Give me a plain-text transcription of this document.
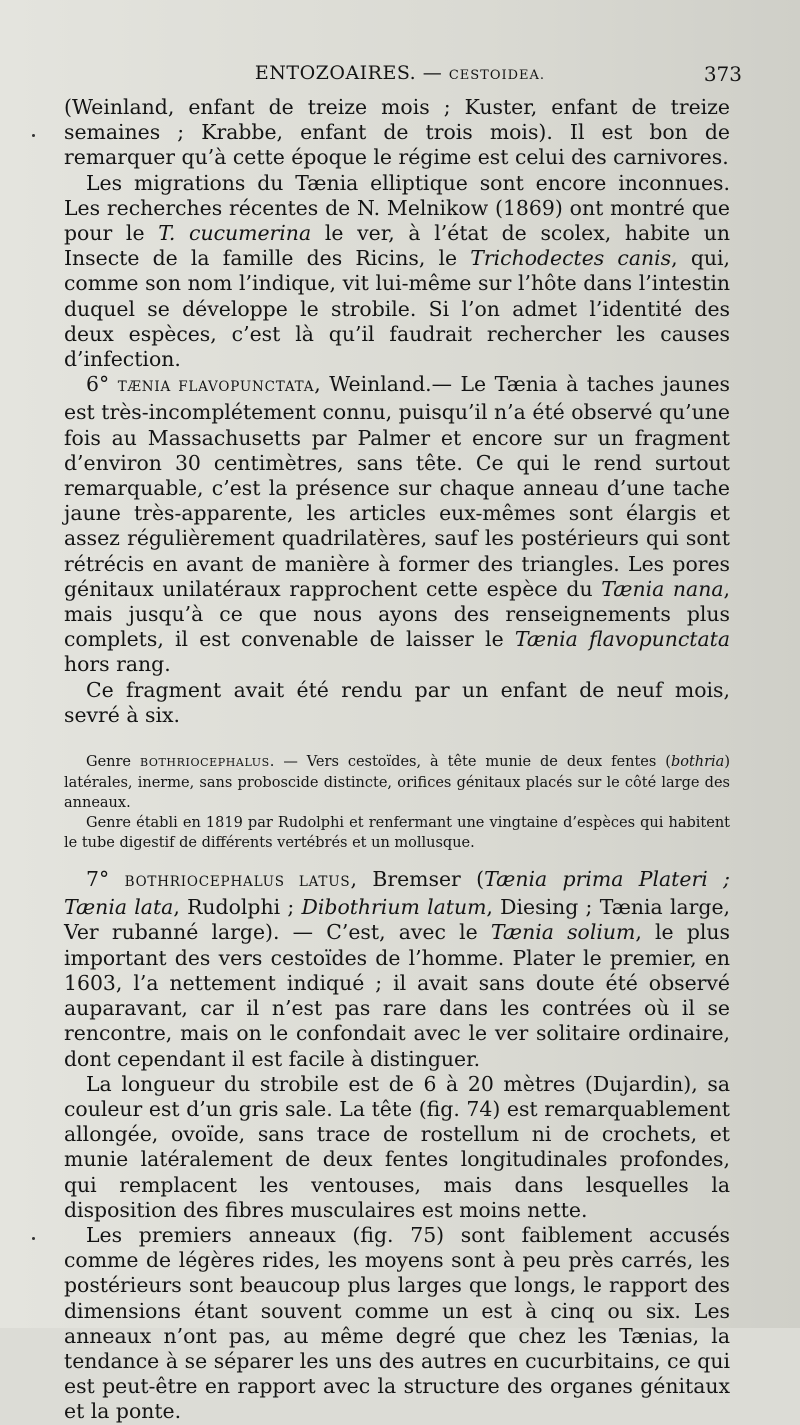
ENTOZOAIRES. — CESTOIDEA.	373

(Weinland, enfant de treize mois ; Kuster, enfant de treize semaines ; Krabbe, enfant de trois mois). Il est bon de remarquer qu’à cette époque le régime est celui des carnivores.

Les migrations du Tænia elliptique sont encore inconnues. Les recherches récentes de N. Melnikow (1869) ont montré que pour le T. cucumerina le ver, à l’état de scolex, habite un Insecte de la famille des Ricins, le Trichodectes canis, qui, comme son nom l’indique, vit lui-même sur l’hôte dans l’intestin duquel se développe le strobile. Si l’on admet l’identité des deux espèces, c’est là qu’il faudrait rechercher les causes d’infection.

6° TÆNIA FLAVOPUNCTATA, Weinland.— Le Tænia à taches jaunes est très-incomplétement connu, puisqu’il n’a été observé qu’une fois au Massachusetts par Palmer et encore sur un fragment d’environ 30 centimètres, sans tête. Ce qui le rend surtout remarquable, c’est la présence sur chaque anneau d’une tache jaune très-apparente, les articles eux-mêmes sont élargis et assez régulièrement quadrilatères, sauf les postérieurs qui sont rétrécis en avant de manière à former des triangles. Les pores génitaux unilatéraux rapprochent cette espèce du Tænia nana, mais jusqu’à ce que nous ayons des renseignements plus complets, il est convenable de laisser le Tænia flavopunctata hors rang.

Ce fragment avait été rendu par un enfant de neuf mois, sevré à six.

Genre BOTHRIOCEPHALUS. — Vers cestoïdes, à tête munie de deux fentes (bothria) latérales, inerme, sans proboscide distincte, orifices génitaux placés sur le côté large des anneaux.

Genre établi en 1819 par Rudolphi et renfermant une vingtaine d’espèces qui habitent le tube digestif de différents vertébrés et un mollusque.

7° BOTHRIOCEPHALUS LATUS, Bremser (Tænia prima Plateri ; Tænia lata, Rudolphi ; Dibothrium latum, Diesing ; Tænia large, Ver rubanné large). — C’est, avec le Tænia solium, le plus important des vers cestoïdes de l’homme. Plater le premier, en 1603, l’a nettement indiqué ; il avait sans doute été observé auparavant, car il n’est pas rare dans les contrées où il se rencontre, mais on le confondait avec le ver solitaire ordinaire, dont cependant il est facile à distinguer.

La longueur du strobile est de 6 à 20 mètres (Dujardin), sa couleur est d’un gris sale. La tête (fig. 74) est remarquablement allongée, ovoïde, sans trace de rostellum ni de crochets, et munie latéralement de deux fentes longitudinales profondes, qui remplacent les ventouses, mais dans lesquelles la disposition des fibres musculaires est moins nette.

Les premiers anneaux (fig. 75) sont faiblement accusés comme de légères rides, les moyens sont à peu près carrés, les postérieurs sont beaucoup plus larges que longs, le rapport des dimensions étant souvent comme un est à cinq ou six. Les anneaux n’ont pas, au même degré que chez les Tænias, la tendance à se séparer les uns des autres en cucurbitains, ce qui est peut-être en rapport avec la structure des organes génitaux et la ponte.
